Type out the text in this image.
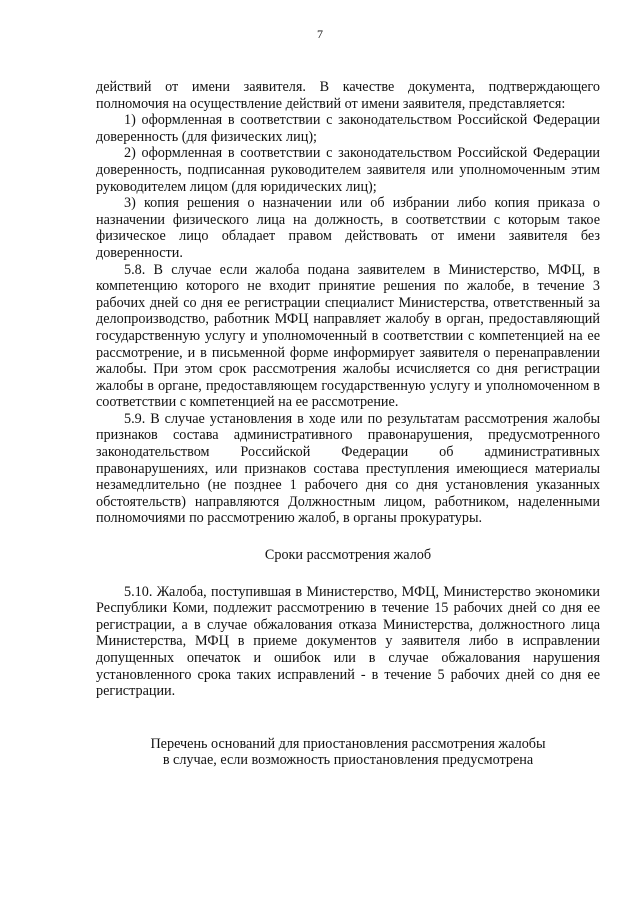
7

действий от имени заявителя. В качестве документа, подтверждающего полномочия на осуществление действий от имени заявителя, представляется:

1) оформленная в соответствии с законодательством Российской Федерации доверенность (для физических лиц);

2) оформленная в соответствии с законодательством Российской Федерации доверенность, подписанная руководителем заявителя или уполномоченным этим руководителем лицом (для юридических лиц);

3) копия решения о назначении или об избрании либо копия приказа о назначении физического лица на должность, в соответствии с которым такое физическое лицо обладает правом действовать от имени заявителя без доверенности.

5.8. В случае если жалоба подана заявителем в Министерство, МФЦ, в компетенцию которого не входит принятие решения по жалобе, в течение 3 рабочих дней со дня ее регистрации специалист Министерства, ответственный за делопроизводство, работник МФЦ направляет жалобу в орган, предоставляющий государственную услугу и уполномоченный в соответствии с компетенцией на ее рассмотрение, и в письменной форме информирует заявителя о перенаправлении жалобы. При этом срок рассмотрения жалобы исчисляется со дня регистрации жалобы в органе, предоставляющем государственную услугу и уполномоченном в соответствии с компетенцией на ее рассмотрение.

5.9. В случае установления в ходе или по результатам рассмотрения жалобы признаков состава административного правонарушения, предусмотренного законодательством Российской Федерации об административных правонарушениях, или признаков состава преступления имеющиеся материалы незамедлительно (не позднее 1 рабочего дня со дня установления указанных обстоятельств) направляются Должностным лицом, работником, наделенными полномочиями по рассмотрению жалоб, в органы прокуратуры.

Сроки рассмотрения жалоб

5.10. Жалоба, поступившая в Министерство, МФЦ, Министерство экономики Республики Коми, подлежит рассмотрению в течение 15 рабочих дней со дня ее регистрации, а в случае обжалования отказа Министерства, должностного лица Министерства, МФЦ в приеме документов у заявителя либо в исправлении допущенных опечаток и ошибок или в случае обжалования нарушения установленного срока таких исправлений - в течение 5 рабочих дней со дня ее регистрации.

Перечень оснований для приостановления рассмотрения жалобы
в случае, если возможность приостановления предусмотрена
